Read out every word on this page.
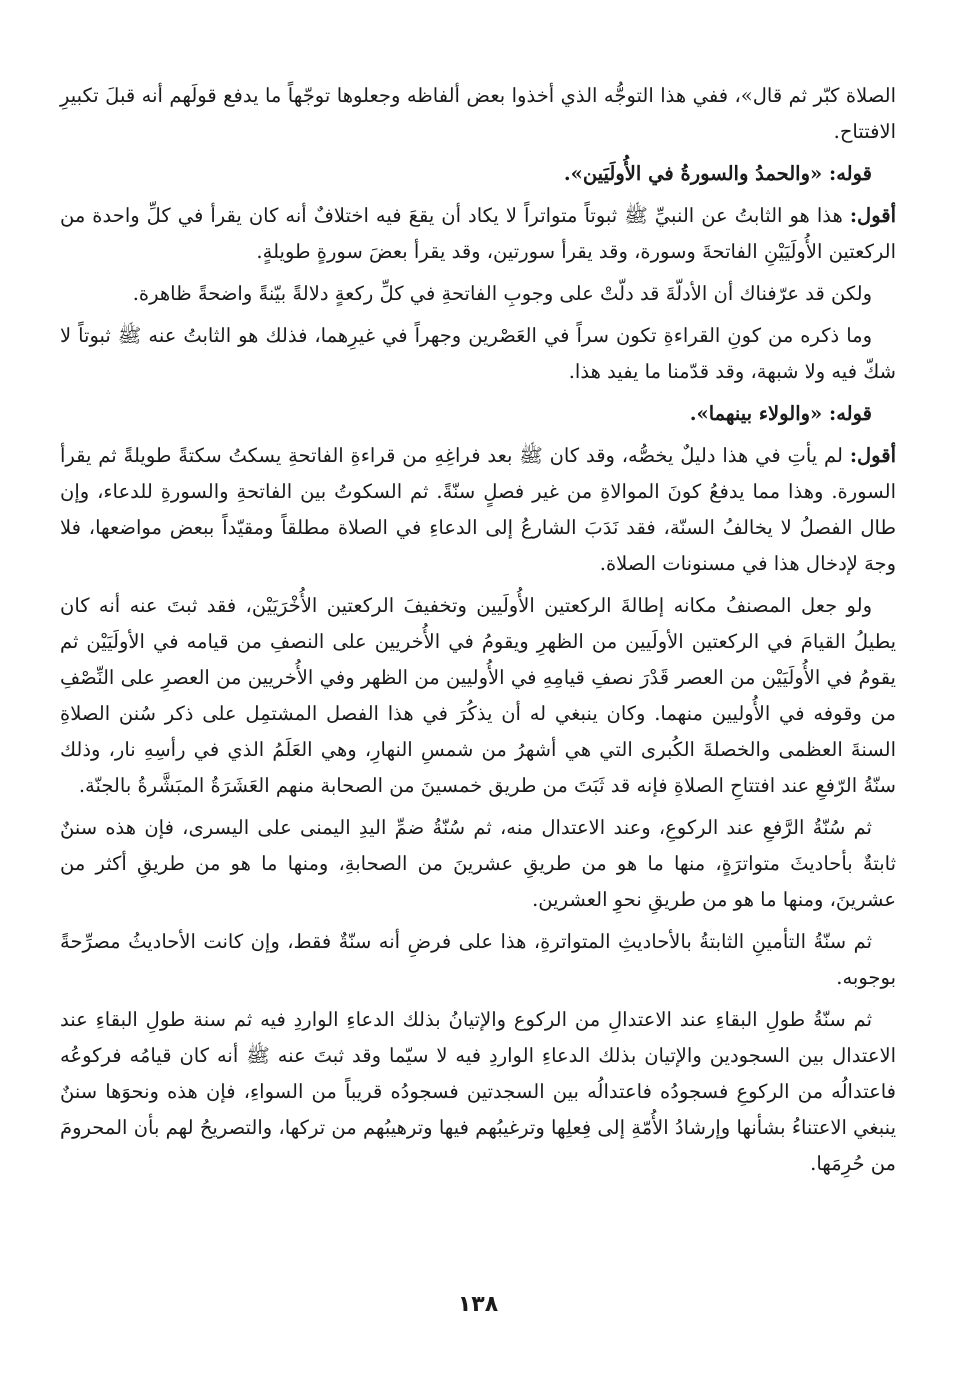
الصلاة كبّر ثم قال»، ففي هذا التوجُّه الذي أخذوا بعض ألفاظه وجعلوها توجّهاً ما يدفع قولَهم أنه قبلَ تكبيرِ الافتتاح.

قوله: «والحمدُ والسورةُ في الأُولَيَين».

أقول: هذا هو الثابتُ عن النبيِّ ﷺ ثبوتاً متواتراً لا يكاد أن يقعَ فيه اختلافٌ أنه كان يقرأ في كلِّ واحدة من الركعتين الأُولَيَيْنِ الفاتحةَ وسورة، وقد يقرأ سورتين، وقد يقرأ بعضَ سورةٍ طويلةٍ.

ولكن قد عرّفناك أن الأدلّةَ قد دلّتْ على وجوبِ الفاتحةِ في كلِّ ركعةٍ دلالةً بيّنةً واضحةً ظاهرة.

وما ذكره من كونِ القراءةِ تكون سراً في العَصْرين وجهراً في غيرِهما، فذلك هو الثابتُ عنه ﷺ ثبوتاً لا شكّ فيه ولا شبهة، وقد قدّمنا ما يفيد هذا.

قوله: «والولاء بينهما».

أقول: لم يأتِ في هذا دليلٌ يخصُّه، وقد كان ﷺ بعد فراغِهِ من قراءةِ الفاتحةِ يسكتُ سكتةً طويلةً ثم يقرأ السورة. وهذا مما يدفعُ كونَ الموالاةِ من غير فصلٍ سنّةً. ثم السكوتُ بين الفاتحةِ والسورةِ للدعاء، وإن طال الفصلُ لا يخالفُ السنّة، فقد نَدَبَ الشارعُ إلى الدعاءِ في الصلاة مطلقاً ومقيّداً ببعض مواضعها، فلا وجهَ لإدخال هذا في مسنونات الصلاة.

ولو جعل المصنفُ مكانه إطالةَ الركعتين الأُولَيين وتخفيفَ الركعتين الأُخْرَيَيْن، فقد ثبتَ عنه أنه كان يطيلُ القيامَ في الركعتين الأولَيين من الظهرِ ويقومُ في الأُخريين على النصفِ من قيامه في الأولَيَيْن ثم يقومُ في الأُولَيَيْن من العصر قَدْرَ نصفِ قيامِهِ في الأُوليين من الظهر وفي الأُخريين من العصرِ على النِّصْفِ من وقوفه في الأُوليين منهما. وكان ينبغي له أن يذكُرَ في هذا الفصل المشتمِل على ذكر سُنن الصلاةِ السنةَ العظمى والخصلةَ الكُبرى التي هي أشهرُ من شمسِ النهارِ، وهي العَلَمُ الذي في رأسِهِ نار، وذلك سنّةُ الرّفعِ عند افتتاحِ الصلاةِ فإنه قد ثَبَتَ من طريق خمسينَ من الصحابة منهم العَشَرَةُ المبَشَّرةُ بالجنّة.

ثم سُنّةُ الرَّفعِ عند الركوعِ، وعند الاعتدال منه، ثم سُنّةُ ضمِّ اليدِ اليمنى على اليسرى، فإن هذه سننٌ ثابتةٌ بأحاديثَ متواترَةٍ، منها ما هو من طريقِ عشرينَ من الصحابةِ، ومنها ما هو من طريقِ أكثر من عشرينَ، ومنها ما هو من طريقِ نحوِ العشرين.

ثم سنّةُ التأمينِ الثابتةُ بالأحاديثِ المتواترةِ، هذا على فرضِ أنه سنّةٌ فقط، وإن كانت الأحاديثُ مصرِّحةً بوجوبه.

ثم سنّةُ طولِ البقاءِ عند الاعتدالِ من الركوع والإتيانُ بذلك الدعاءِ الواردِ فيه ثم سنة طولِ البقاءِ عند الاعتدال بين السجودين والإتيان بذلك الدعاءِ الواردِ فيه لا سيّما وقد ثبتَ عنه ﷺ أنه كان قيامُه فركوعُه فاعتدالُه من الركوعِ فسجودُه فاعتدالُه بين السجدتين فسجودُه قريباً من السواءِ، فإن هذه ونحوَها سننٌ ينبغي الاعتناءُ بشأنها وإرشادُ الأُمّةِ إلى فِعلِها وترغيبُهم فيها وترهيبُهم من تركها، والتصريحُ لهم بأن المحرومَ من حُرِمَها.

١٣٨
